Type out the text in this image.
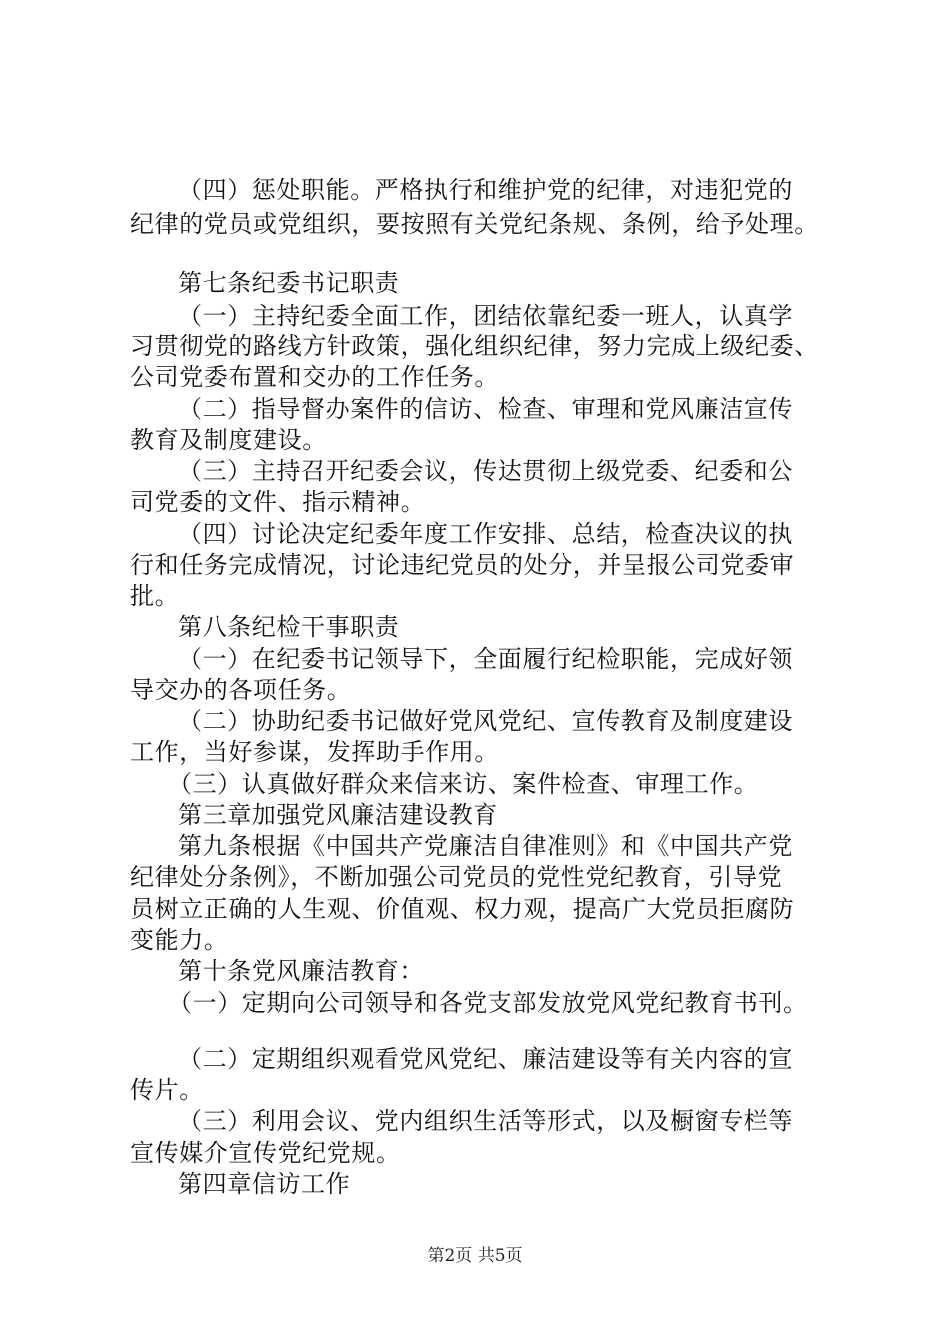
（四）惩处职能。严格执行和维护党的纪律，对违犯党的
纪律的党员或党组织，要按照有关党纪条规、条例，给予处理。
第七条纪委书记职责
（一）主持纪委全面工作，团结依靠纪委一班人，认真学
习贯彻党的路线方针政策，强化组织纪律，努力完成上级纪委、
公司党委布置和交办的工作任务。
（二）指导督办案件的信访、检查、审理和党风廉洁宣传
教育及制度建设。
（三）主持召开纪委会议，传达贯彻上级党委、纪委和公
司党委的文件、指示精神。
（四）讨论决定纪委年度工作安排、总结，检查决议的执
行和任务完成情况，讨论违纪党员的处分，并呈报公司党委审
批。
第八条纪检干事职责
（一）在纪委书记领导下，全面履行纪检职能，完成好领
导交办的各项任务。
（二）协助纪委书记做好党风党纪、宣传教育及制度建设
工作，当好参谋，发挥助手作用。
（三）认真做好群众来信来访、案件检查、审理工作。
第三章加强党风廉洁建设教育
第九条根据《中国共产党廉洁自律准则》和《中国共产党
纪律处分条例》，不断加强公司党员的党性党纪教育，引导党
员树立正确的人生观、价值观、权力观，提高广大党员拒腐防
变能力。
第十条党风廉洁教育：
（一）定期向公司领导和各党支部发放党风党纪教育书刊。
（二）定期组织观看党风党纪、廉洁建设等有关内容的宣
传片。
（三）利用会议、党内组织生活等形式，以及橱窗专栏等
宣传媒介宣传党纪党规。
第四章信访工作
第2页 共5页
